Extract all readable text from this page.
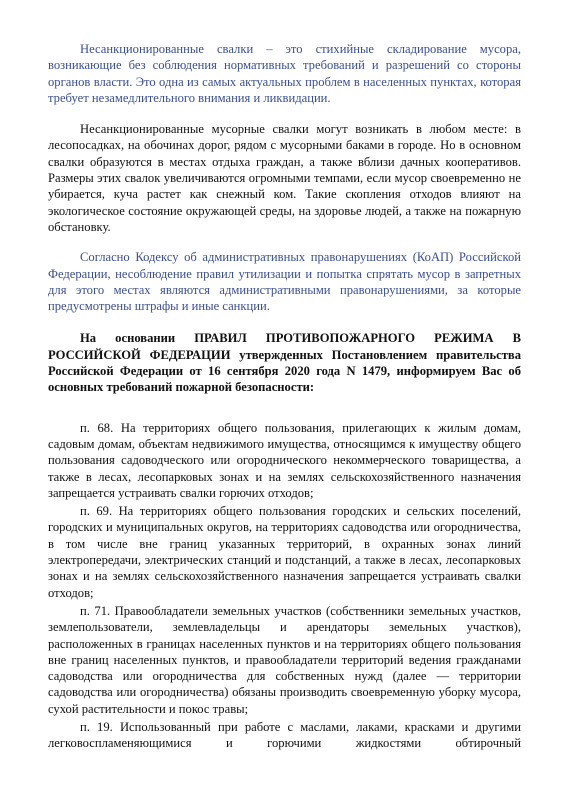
Несанкционированные свалки – это стихийные складирование мусора, возникающие без соблюдения нормативных требований и разрешений со стороны органов власти. Это одна из самых актуальных проблем в населенных пунктах, которая требует незамедлительного внимания и ликвидации.

Несанкционированные мусорные свалки могут возникать в любом месте: в лесопосадках, на обочинах дорог, рядом с мусорными баками в городе. Но в основном свалки образуются в местах отдыха граждан, а также вблизи дачных кооперативов. Размеры этих свалок увеличиваются огромными темпами, если мусор своевременно не убирается, куча растет как снежный ком. Такие скопления отходов влияют на экологическое состояние окружающей среды, на здоровье людей, а также на пожарную обстановку.

Согласно Кодексу об административных правонарушениях (КоАП) Российской Федерации, несоблюдение правил утилизации и попытка спрятать мусор в запретных для этого местах являются административными правонарушениями, за которые предусмотрены штрафы и иные санкции.

На основании ПРАВИЛ ПРОТИВОПОЖАРНОГО РЕЖИМА В РОССИЙСКОЙ ФЕДЕРАЦИИ утвержденных Постановлением правительства Российской Федерации от 16 сентября 2020 года N 1479, информируем Вас об основных требований пожарной безопасности:

п. 68. На территориях общего пользования, прилегающих к жилым домам, садовым домам, объектам недвижимого имущества, относящимся к имуществу общего пользования садоводческого или огороднического некоммерческого товарищества, а также в лесах, лесопарковых зонах и на землях сельскохозяйственного назначения запрещается устраивать свалки горючих отходов;

п. 69. На территориях общего пользования городских и сельских поселений, городских и муниципальных округов, на территориях садоводства или огородничества, в том числе вне границ указанных территорий, в охранных зонах линий электропередачи, электрических станций и подстанций, а также в лесах, лесопарковых зонах и на землях сельскохозяйственного назначения запрещается устраивать свалки отходов;

п. 71. Правообладатели земельных участков (собственники земельных участков, землепользователи, землевладельцы и арендаторы земельных участков), расположенных в границах населенных пунктов и на территориях общего пользования вне границ населенных пунктов, и правообладатели территорий ведения гражданами садоводства или огородничества для собственных нужд (далее — территории садоводства или огородничества) обязаны производить своевременную уборку мусора, сухой растительности и покос травы;

п. 19. Использованный при работе с маслами, лаками, красками и другими легковоспламеняющимися и горючими жидкостями обтирочный
